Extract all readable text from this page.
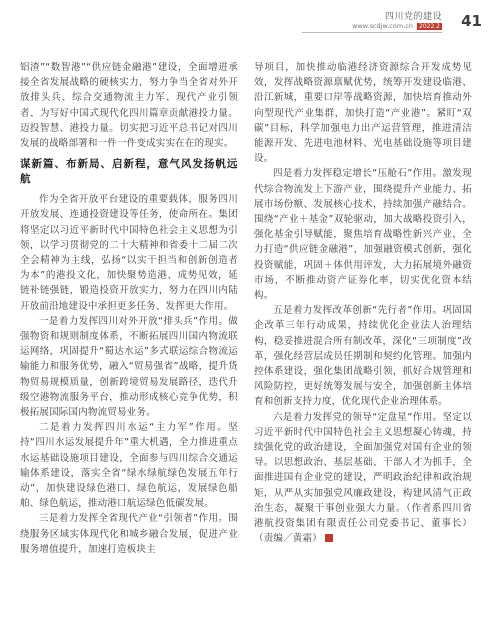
四川党的建设
www.scdjw.com.cn 2022.2 41

铝渣”“数智港”“供应链金融港”建设，全面增进承接全省发展战略的硬核实力，努力争当全省对外开放排头兵、综合交通物流主力军、现代产业引领者、为写好中国式现代化四川篇章贡献港投力量。迈投智慧、港投力量。切实把习近平总书记对四川发展的战略部署和一件一件变成实实在在的现实。

谋新篇、布新局、启新程，意气风发扬帆远航

作为全省开放平台建设的重要载体，服务四川开放发展、连通投资建设等任务，使命所在。集团将坚定以习近平新时代中国特色社会主义思想为引领，以学习贯彻党的二十大精神和省委十二届二次全会精神为主线，弘扬“以实干担当和创新创造者为本”的港投文化，加快聚势造港、成势见效，延链补链强链，锻造投资开放实力，努力在四川内陆开放前沿地建设中承担更多任务、发挥更大作用。

一是着力发挥四川对外开放“排头兵”作用。做强物资和规则制度体系，不断拓展四川国内物流联运网络，巩固提升“蜀达水运”多式联运综合物流运输能力和服务优势，融入“贸易强省”战略，提升货物贸易规模质量，创新跨境贸易发展路径，迭代升级空港物流服务平台，推动形成核心竞争优势，积极拓展国际国内物流贸易业务。

二是着力发挥四川水运“主力军”作用。坚持“四川水运发展提升年”重大机遇，全力推进重点水运基础设施项目建设，全面参与四川综合交通运输体系建设，落实全省“绿水绿航绿色发展五年行动”，加快建设绿色港口、绿色航运，发展绿色船舶、绿色航运，推动港口航运绿色低碳发展。

三是着力发挥全省现代产业“引领者”作用。围绕服务区域实体现代化和城乡融合发展，促进产业服务增值提升，加速打造板块主

导项目，加快推动临港经济资源综合开发成势见效，发挥战略资源禀赋优势，统筹开发建设临港、沿江新城，重要口岸等战略资源，加快培育推动外向型现代产业集群，加快打造“产业港”。紧盯“双碳”目标，科学加强电力出产运营管理，推进清洁能源开发、先进电池材料、光电基础设施等项目建设。

四是着力发挥稳定增长“压舱石”作用。激发现代综合物流发上下游产业，围绕提升产业能力、拓展市场份额、发展核心技术，持续加强产融结合。围绕“产业＋基金”双轮驱动，加大战略投资引入，强化基金引导赋能，聚焦培育战略性新兴产业，全力打造“供应链金融港”，加强融资模式创新，强化投资赋能，巩固＋体供用评发，大力拓展境外融资市场，不断推动资产证券化率，切实优化资本结构。

五是着力发挥改革创新“先行者”作用。巩固国企改革三年行动成果，持续优化企业法人治理结构，稳妥推进混合所有制改革，深化“三项制度”改革，强化经营层成员任期制和契约化管理。加强内控体系建设，强化集团战略引领，抓好合规管理和风险防控，更好统筹发展与安全，加强创新主体培育和创新支持力度，优化现代企业治理体系。

六是着力发挥党的领导“定盘星”作用。坚定以习近平新时代中国特色社会主义思想凝心铸魂，持续强化党的政治建设，全面加强党对国有企业的领导。以思想政治、基层基础、干部人才为抓手，全面推进国有企业党的建设，严明政治纪律和政治规矩，从严从实加强党风廉政建设，构建风清气正政治生态，凝聚干事创业强大力量。（作者系四川省港航投资集团有限责任公司党委书记、董事长）（责编／黄霜）
